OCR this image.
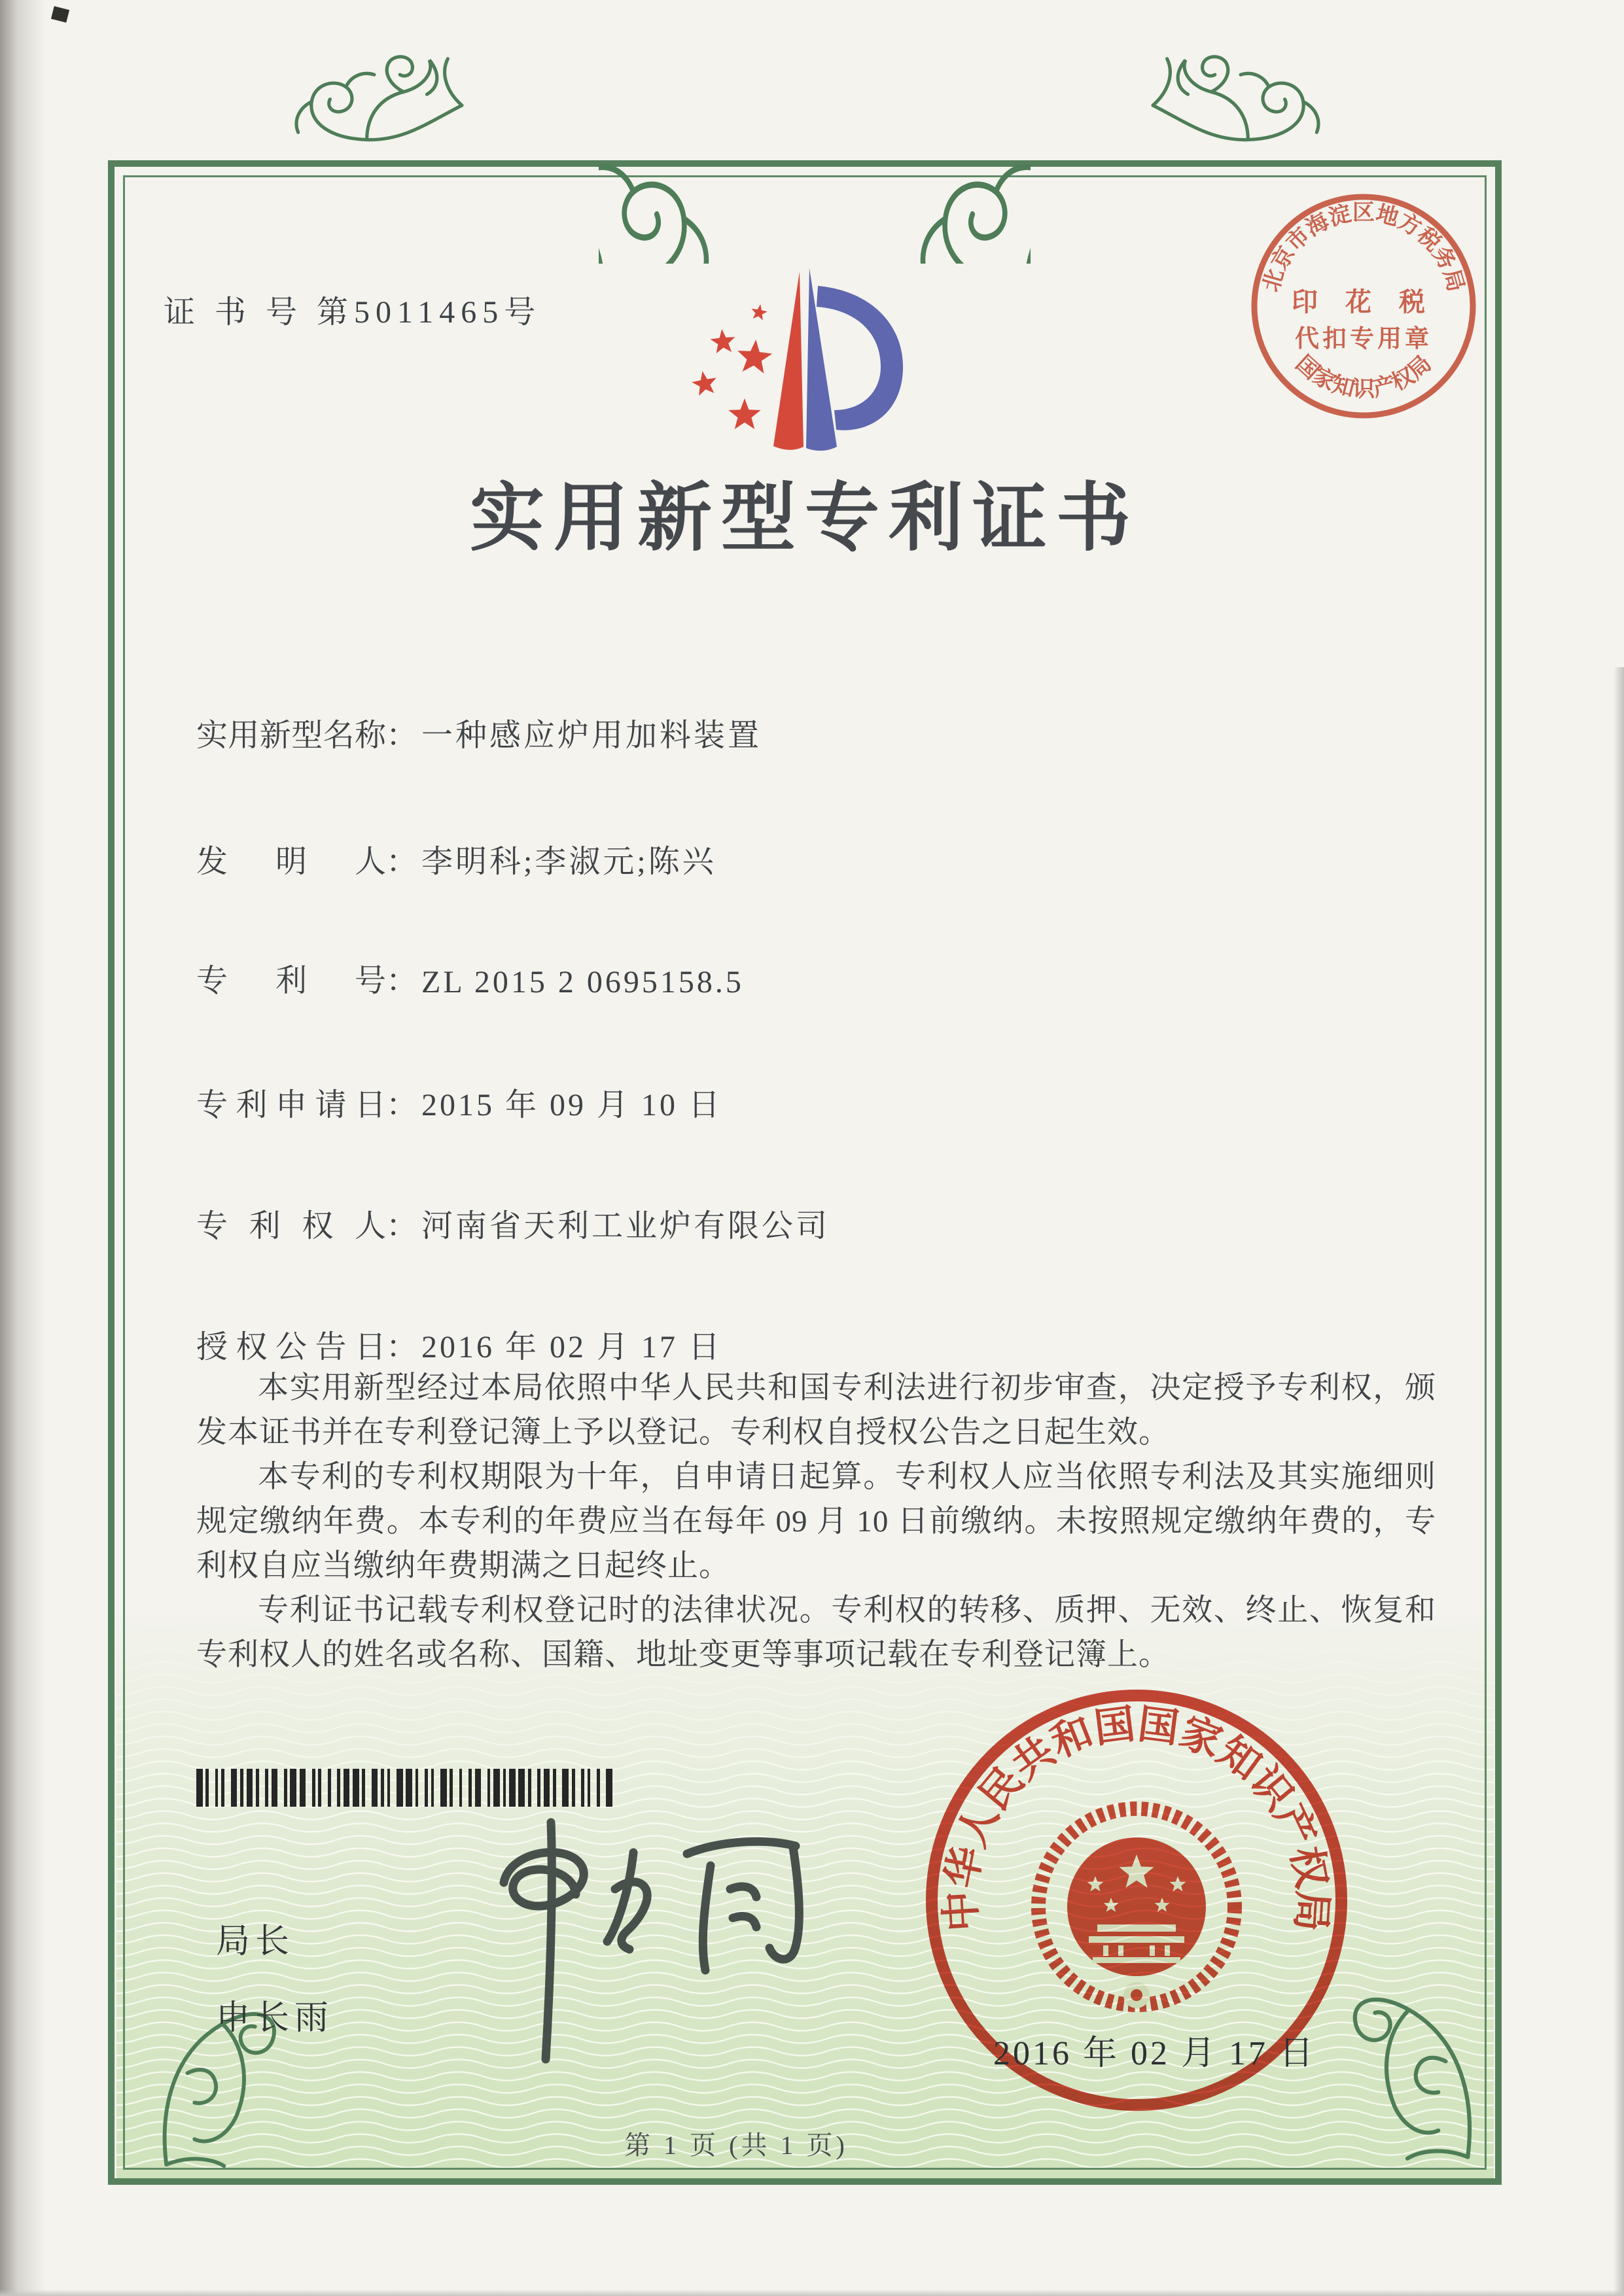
证 书 号 第5011465号
北京市海淀区地方税务局
国家知识产权局
印 花 税
代扣专用章
实用新型专利证书
实用新型名称： 一种感应炉用加料装置
发明人： 李明科;李淑元;陈兴
专利号： ZL 2015 2 0695158.5
专利申请日： 2015 年 09 月 10 日
专利权人： 河南省天利工业炉有限公司
授权公告日： 2016 年 02 月 17 日

本实用新型经过本局依照中华人民共和国专利法进行初步审查，决定授予专利权，颁发本证书并在专利登记簿上予以登记。专利权自授权公告之日起生效。

本专利的专利权期限为十年，自申请日起算。专利权人应当依照专利法及其实施细则规定缴纳年费。本专利的年费应当在每年 09 月 10 日前缴纳。未按照规定缴纳年费的，专利权自应当缴纳年费期满之日起终止。

专利证书记载专利权登记时的法律状况。专利权的转移、质押、无效、终止、恢复和专利权人的姓名或名称、国籍、地址变更等事项记载在专利登记簿上。

局长
申长雨
中华人民共和国国家知识产权局
2016 年 02 月 17 日
第 1 页 (共 1 页)
